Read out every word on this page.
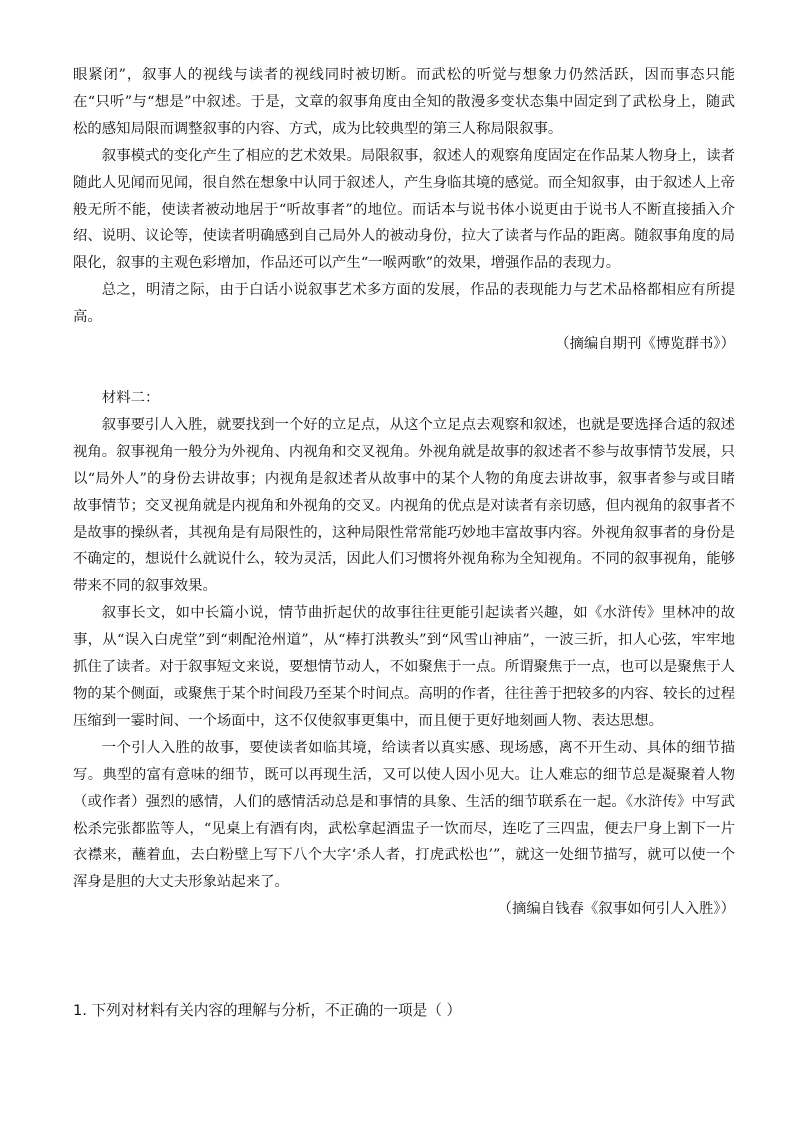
眼紧闭”，叙事人的视线与读者的视线同时被切断。而武松的听觉与想象力仍然活跃，因而事态只能在“只听”与“想是”中叙述。于是，文章的叙事角度由全知的散漫多变状态集中固定到了武松身上，随武松的感知局限而调整叙事的内容、方式，成为比较典型的第三人称局限叙事。

叙事模式的变化产生了相应的艺术效果。局限叙事，叙述人的观察角度固定在作品某人物身上，读者随此人见闻而见闻，很自然在想象中认同于叙述人，产生身临其境的感觉。而全知叙事，由于叙述人上帝般无所不能，使读者被动地居于“听故事者”的地位。而话本与说书体小说更由于说书人不断直接插入介绍、说明、议论等，使读者明确感到自己局外人的被动身份，拉大了读者与作品的距离。随叙事角度的局限化，叙事的主观色彩增加，作品还可以产生“一喉两歌”的效果，增强作品的表现力。

总之，明清之际，由于白话小说叙事艺术多方面的发展，作品的表现能力与艺术品格都相应有所提高。

（摘编自期刊《博览群书》）

材料二：

叙事要引人入胜，就要找到一个好的立足点，从这个立足点去观察和叙述，也就是要选择合适的叙述视角。叙事视角一般分为外视角、内视角和交叉视角。外视角就是故事的叙述者不参与故事情节发展，只以“局外人”的身份去讲故事；内视角是叙述者从故事中的某个人物的角度去讲故事，叙事者参与或目睹故事情节；交叉视角就是内视角和外视角的交叉。内视角的优点是对读者有亲切感，但内视角的叙事者不是故事的操纵者，其视角是有局限性的，这种局限性常常能巧妙地丰富故事内容。外视角叙事者的身份是不确定的，想说什么就说什么，较为灵活，因此人们习惯将外视角称为全知视角。不同的叙事视角，能够带来不同的叙事效果。

叙事长文，如中长篇小说，情节曲折起伏的故事往往更能引起读者兴趣，如《水浒传》里林冲的故事，从“误入白虎堂”到“刺配沧州道”，从“棒打洪教头”到“风雪山神庙”，一波三折，扣人心弦，牢牢地抓住了读者。对于叙事短文来说，要想情节动人，不如聚焦于一点。所谓聚焦于一点，也可以是聚焦于人物的某个侧面，或聚焦于某个时间段乃至某个时间点。高明的作者，往往善于把较多的内容、较长的过程压缩到一霎时间、一个场面中，这不仅使叙事更集中，而且便于更好地刻画人物、表达思想。

一个引人入胜的故事，要使读者如临其境，给读者以真实感、现场感，离不开生动、具体的细节描写。典型的富有意味的细节，既可以再现生活，又可以使人因小见大。让人难忘的细节总是凝聚着人物（或作者）强烈的感情，人们的感情活动总是和事情的具象、生活的细节联系在一起。《水浒传》中写武松杀完张都监等人，“见桌上有酒有肉，武松拿起酒盅子一饮而尽，连吃了三四盅，便去尸身上割下一片衣襟来，蘸着血，去白粉壁上写下八个大字‘杀人者，打虎武松也’”，就这一处细节描写，就可以使一个浑身是胆的大丈夫形象站起来了。

（摘编自钱春《叙事如何引人入胜》）

1. 下列对材料有关内容的理解与分析，不正确的一项是（ ）
